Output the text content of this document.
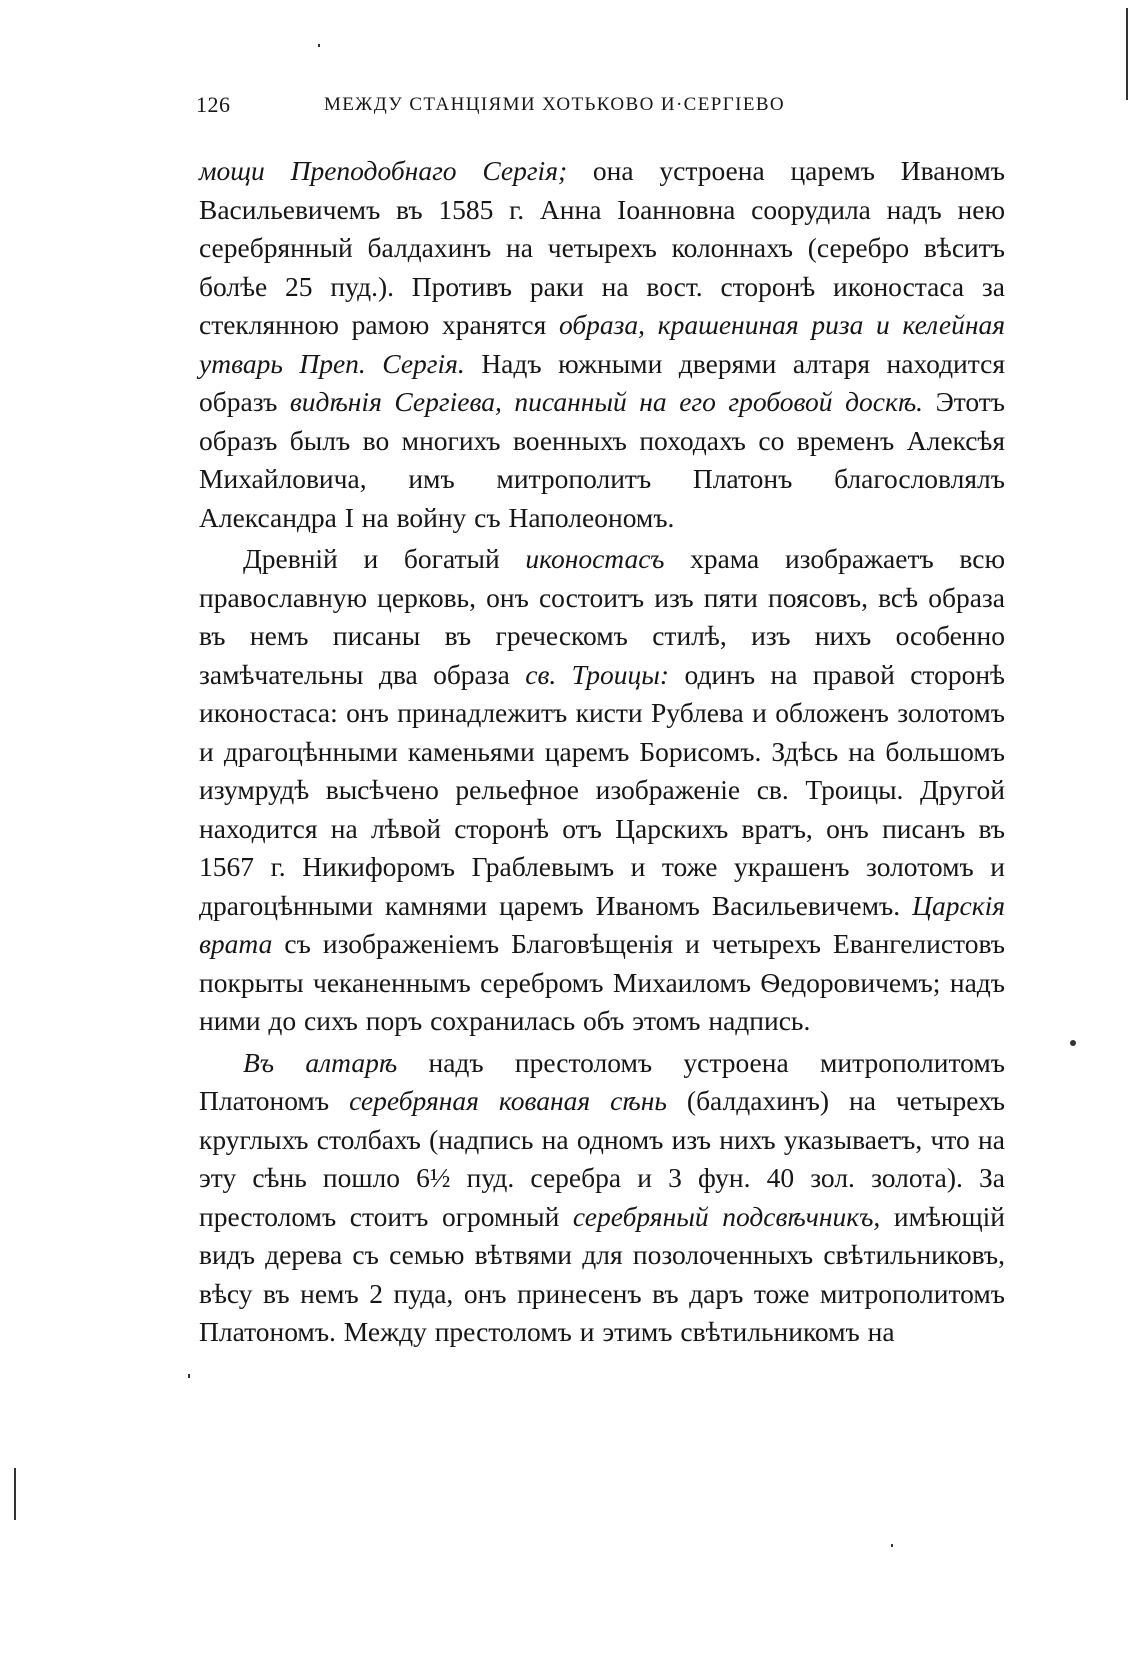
126	МЕЖДУ СТАНЦIЯМИ ХОТЬКОВО И·СЕРГIЕВО

мощи Преподобнаго Сергiя; она устроена царемъ Иваномъ Васильевичемъ въ 1585 г. Анна Iоанновна соорудила надъ нею серебрянный балдахинъ на четырехъ колоннахъ (серебро вѣситъ болѣе 25 пуд.). Противъ раки на вост. сторонѣ иконостаса за стеклянною рамою хранятся образа, крашениная риза и келейная утварь Преп. Сергiя. Надъ южными дверями алтаря находится образъ видѣнiя Сергiева, писанный на его гробовой доскѣ. Этотъ образъ былъ во многихъ военныхъ походахъ со временъ Алексѣя Михайловича, имъ митрополитъ Платонъ благословлялъ Александра I на войну съ Наполеономъ.

Древнiй и богатый иконостасъ храма изображаетъ всю православную церковь, онъ состоитъ изъ пяти поясовъ, всѣ образа въ немъ писаны въ греческомъ стилѣ, изъ нихъ особенно замѣчательны два образа св. Троицы: одинъ на правой сторонѣ иконостаса: онъ принадлежитъ кисти Рублева и обложенъ золотомъ и драгоцѣнными каменьями царемъ Борисомъ. Здѣсь на большомъ изумрудѣ высѣчено рельефное изображенiе св. Троицы. Другой находится на лѣвой сторонѣ отъ Царскихъ вратъ, онъ писанъ въ 1567 г. Никифоромъ Граблевымъ и тоже украшенъ золотомъ и драгоцѣнными камнями царемъ Иваномъ Васильевичемъ. Царскiя врата съ изображенiемъ Благовѣщенiя и четырехъ Евангелистовъ покрыты чеканеннымъ серебромъ Михаиломъ Ѳедоровичемъ; надъ ними до сихъ поръ сохранилась объ этомъ надпись.

Въ алтарѣ надъ престоломъ устроена митрополитомъ Платономъ серебряная кованая сѣнь (балдахинъ) на четырехъ круглыхъ столбахъ (надпись на одномъ изъ нихъ указываетъ, что на эту сѣнь пошло 6½ пуд. серебра и 3 фун. 40 зол. золота). За престоломъ стоитъ огромный серебряный подсвѣчникъ, имѣющiй видъ дерева съ семью вѣтвями для позолоченныхъ свѣтильниковъ, вѣсу въ немъ 2 пуда, онъ принесенъ въ даръ тоже митрополитомъ Платономъ. Между престоломъ и этимъ свѣтильникомъ на
